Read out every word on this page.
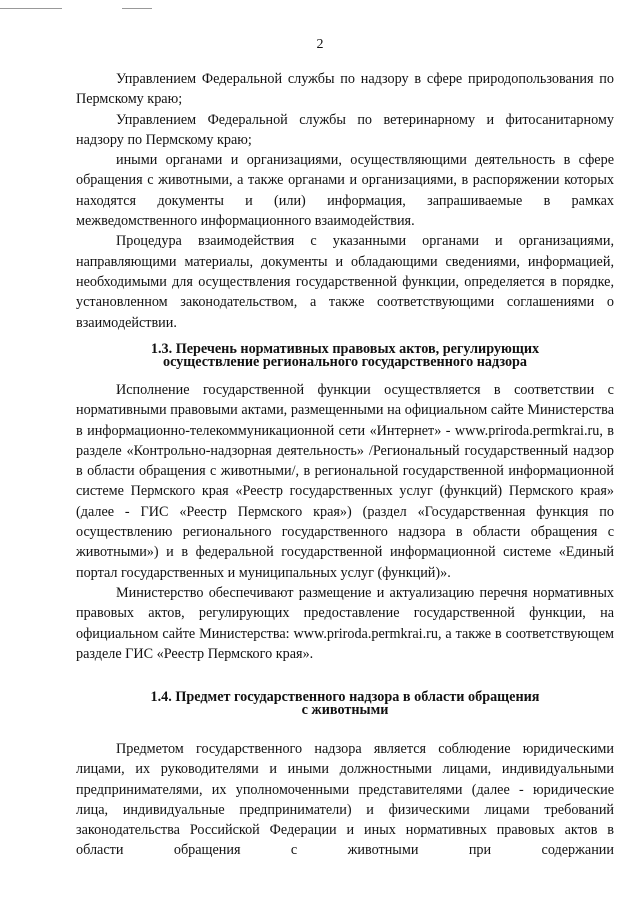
2

Управлением Федеральной службы по надзору в сфере природопользования по Пермскому краю;

Управлением Федеральной службы по ветеринарному и фитосанитарному надзору по Пермскому краю;

иными органами и организациями, осуществляющими деятельность в сфере обращения с животными, а также органами и организациями, в распоряжении которых находятся документы и (или) информация, запрашиваемые в рамках межведомственного информационного взаимодействия.

Процедура взаимодействия с указанными органами и организациями, направляющими материалы, документы и обладающими сведениями, информацией, необходимыми для осуществления государственной функции, определяется в порядке, установленном законодательством, а также соответствующими соглашениями о взаимодействии.

1.3. Перечень нормативных правовых актов, регулирующих
осуществление регионального государственного надзора

Исполнение государственной функции осуществляется в соответствии с нормативными правовыми актами, размещенными на официальном сайте Министерства в информационно-телекоммуникационной сети «Интернет» - www.priroda.permkrai.ru, в разделе «Контрольно-надзорная деятельность» /Региональный государственный надзор в области обращения с животными/, в региональной государственной информационной системе Пермского края «Реестр государственных услуг (функций) Пермского края» (далее - ГИС «Реестр Пермского края») (раздел «Государственная функция по осуществлению регионального государственного надзора в области обращения с животными») и в федеральной государственной информационной системе «Единый портал государственных и муниципальных услуг (функций)».

Министерство обеспечивают размещение и актуализацию перечня нормативных правовых актов, регулирующих предоставление государственной функции, на официальном сайте Министерства: www.priroda.permkrai.ru, а также в соответствующем разделе ГИС «Реестр Пермского края».

1.4. Предмет государственного надзора в области обращения
с животными

Предметом государственного надзора является соблюдение юридическими лицами, их руководителями и иными должностными лицами, индивидуальными предпринимателями, их уполномоченными представителями (далее - юридические лица, индивидуальные предприниматели) и физическими лицами требований законодательства Российской Федерации и иных нормативных правовых актов в области обращения с животными при содержании
